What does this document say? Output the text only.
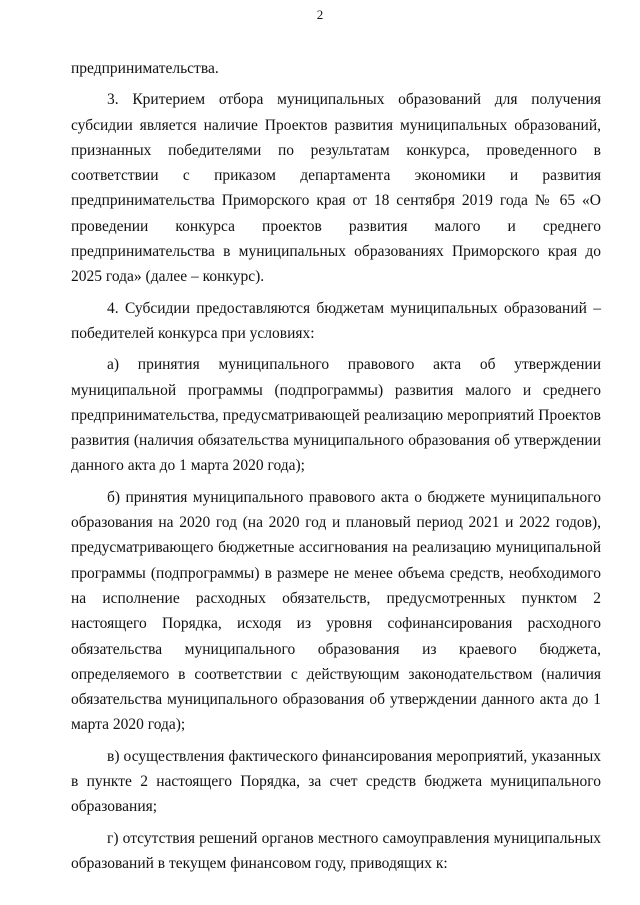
2

предпринимательства.

3. Критерием отбора муниципальных образований для получения субсидии является наличие Проектов развития муниципальных образований, признанных победителями по результатам конкурса, проведенного в соответствии с приказом департамента экономики и развития предпринимательства Приморского края от 18 сентября 2019 года № 65 «О проведении конкурса проектов развития малого и среднего предпринимательства в муниципальных образованиях Приморского края до 2025 года» (далее – конкурс).

4. Субсидии предоставляются бюджетам муниципальных образований – победителей конкурса при условиях:

а) принятия муниципального правового акта об утверждении муниципальной программы (подпрограммы) развития малого и среднего предпринимательства, предусматривающей реализацию мероприятий Проектов развития (наличия обязательства муниципального образования об утверждении данного акта до 1 марта 2020 года);

б) принятия муниципального правового акта о бюджете муниципального образования на 2020 год (на 2020 год и плановый период 2021 и 2022 годов), предусматривающего бюджетные ассигнования на реализацию муниципальной программы (подпрограммы) в размере не менее объема средств, необходимого на исполнение расходных обязательств, предусмотренных пунктом 2 настоящего Порядка, исходя из уровня софинансирования расходного обязательства муниципального образования из краевого бюджета, определяемого в соответствии с действующим законодательством (наличия обязательства муниципального образования об утверждении данного акта до 1 марта 2020 года);

в) осуществления фактического финансирования мероприятий, указанных в пункте 2 настоящего Порядка, за счет средств бюджета муниципального образования;

г) отсутствия решений органов местного самоуправления муниципальных образований в текущем финансовом году, приводящих к:
